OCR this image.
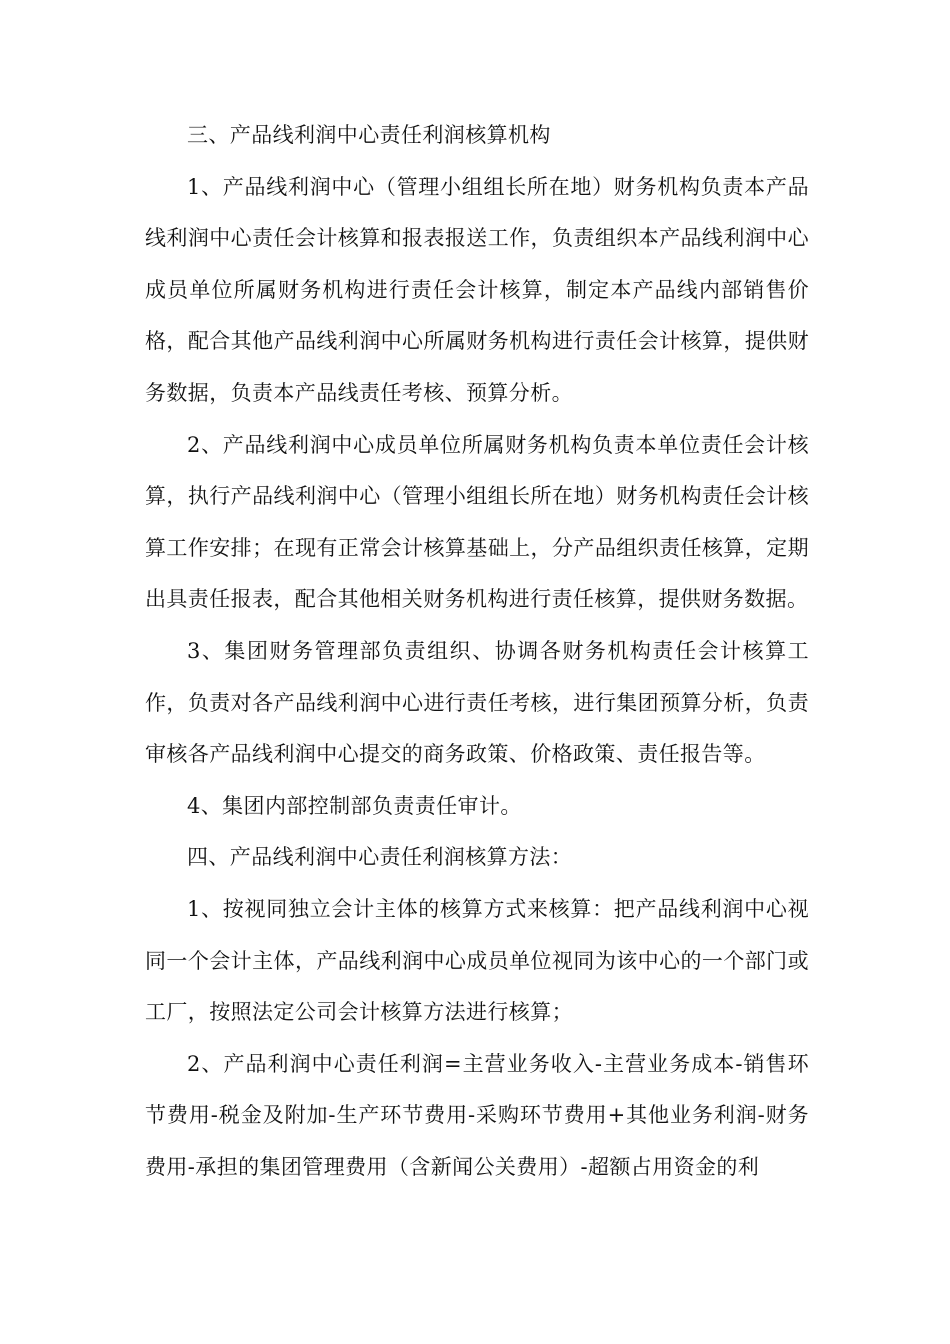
三、产品线利润中心责任利润核算机构

1、产品线利润中心（管理小组组长所在地）财务机构负责本产品线利润中心责任会计核算和报表报送工作，负责组织本产品线利润中心成员单位所属财务机构进行责任会计核算，制定本产品线内部销售价格，配合其他产品线利润中心所属财务机构进行责任会计核算，提供财务数据，负责本产品线责任考核、预算分析。

2、产品线利润中心成员单位所属财务机构负责本单位责任会计核算，执行产品线利润中心（管理小组组长所在地）财务机构责任会计核算工作安排；在现有正常会计核算基础上，分产品组织责任核算，定期出具责任报表，配合其他相关财务机构进行责任核算，提供财务数据。

3、集团财务管理部负责组织、协调各财务机构责任会计核算工作，负责对各产品线利润中心进行责任考核，进行集团预算分析，负责审核各产品线利润中心提交的商务政策、价格政策、责任报告等。

4、集团内部控制部负责责任审计。

四、产品线利润中心责任利润核算方法：

1、按视同独立会计主体的核算方式来核算：把产品线利润中心视同一个会计主体，产品线利润中心成员单位视同为该中心的一个部门或工厂，按照法定公司会计核算方法进行核算；

2、产品利润中心责任利润=主营业务收入-主营业务成本-销售环节费用-税金及附加-生产环节费用-采购环节费用+其他业务利润-财务费用-承担的集团管理费用（含新闻公关费用）-超额占用资金的利
